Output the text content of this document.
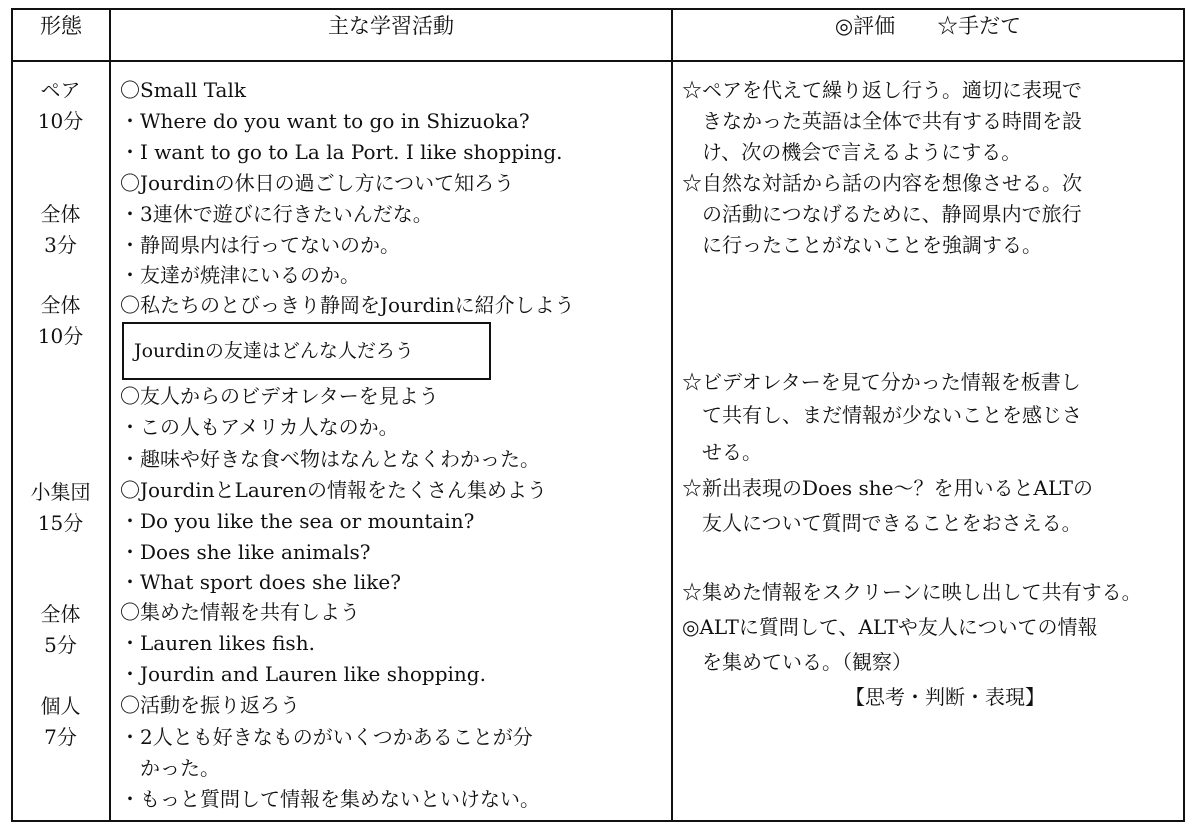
形態	主な学習活動	◎評価　　☆手だて
ペア
10分
全体
3分
全体
10分
小集団
15分
全体
5分
個人
7分
〇Small Talk
・Where do you want to go in Shizuoka?
・I want to go to La la Port. I like shopping.
〇Jourdinの休日の過ごし方について知ろう
・3連休で遊びに行きたいんだな。
・静岡県内は行ってないのか。
・友達が焼津にいるのか。
〇私たちのとびっきり静岡をJourdinに紹介しよう
Jourdinの友達はどんな人だろう
〇友人からのビデオレターを見よう
・この人もアメリカ人なのか。
・趣味や好きな食べ物はなんとなくわかった。
〇JourdinとLaurenの情報をたくさん集めよう
・Do you like the sea or mountain?
・Does she like animals?
・What sport does she like?
〇集めた情報を共有しよう
・Lauren likes fish.
・Jourdin and Lauren like shopping.
〇活動を振り返ろう
・2人とも好きなものがいくつかあることが分
　かった。
・もっと質問して情報を集めないといけない。
☆ペアを代えて繰り返し行う。適切に表現で
　きなかった英語は全体で共有する時間を設
　け、次の機会で言えるようにする。
☆自然な対話から話の内容を想像させる。次
　の活動につなげるために、静岡県内で旅行
　に行ったことがないことを強調する。
☆ビデオレターを見て分かった情報を板書し
　て共有し、まだ情報が少ないことを感じさ
　せる。
☆新出表現のDoes she～？を用いるとALTの
　友人について質問できることをおさえる。
☆集めた情報をスクリーンに映し出して共有する。
◎ALTに質問して、ALTや友人についての情報
　を集めている。（観察）
【思考・判断・表現】
